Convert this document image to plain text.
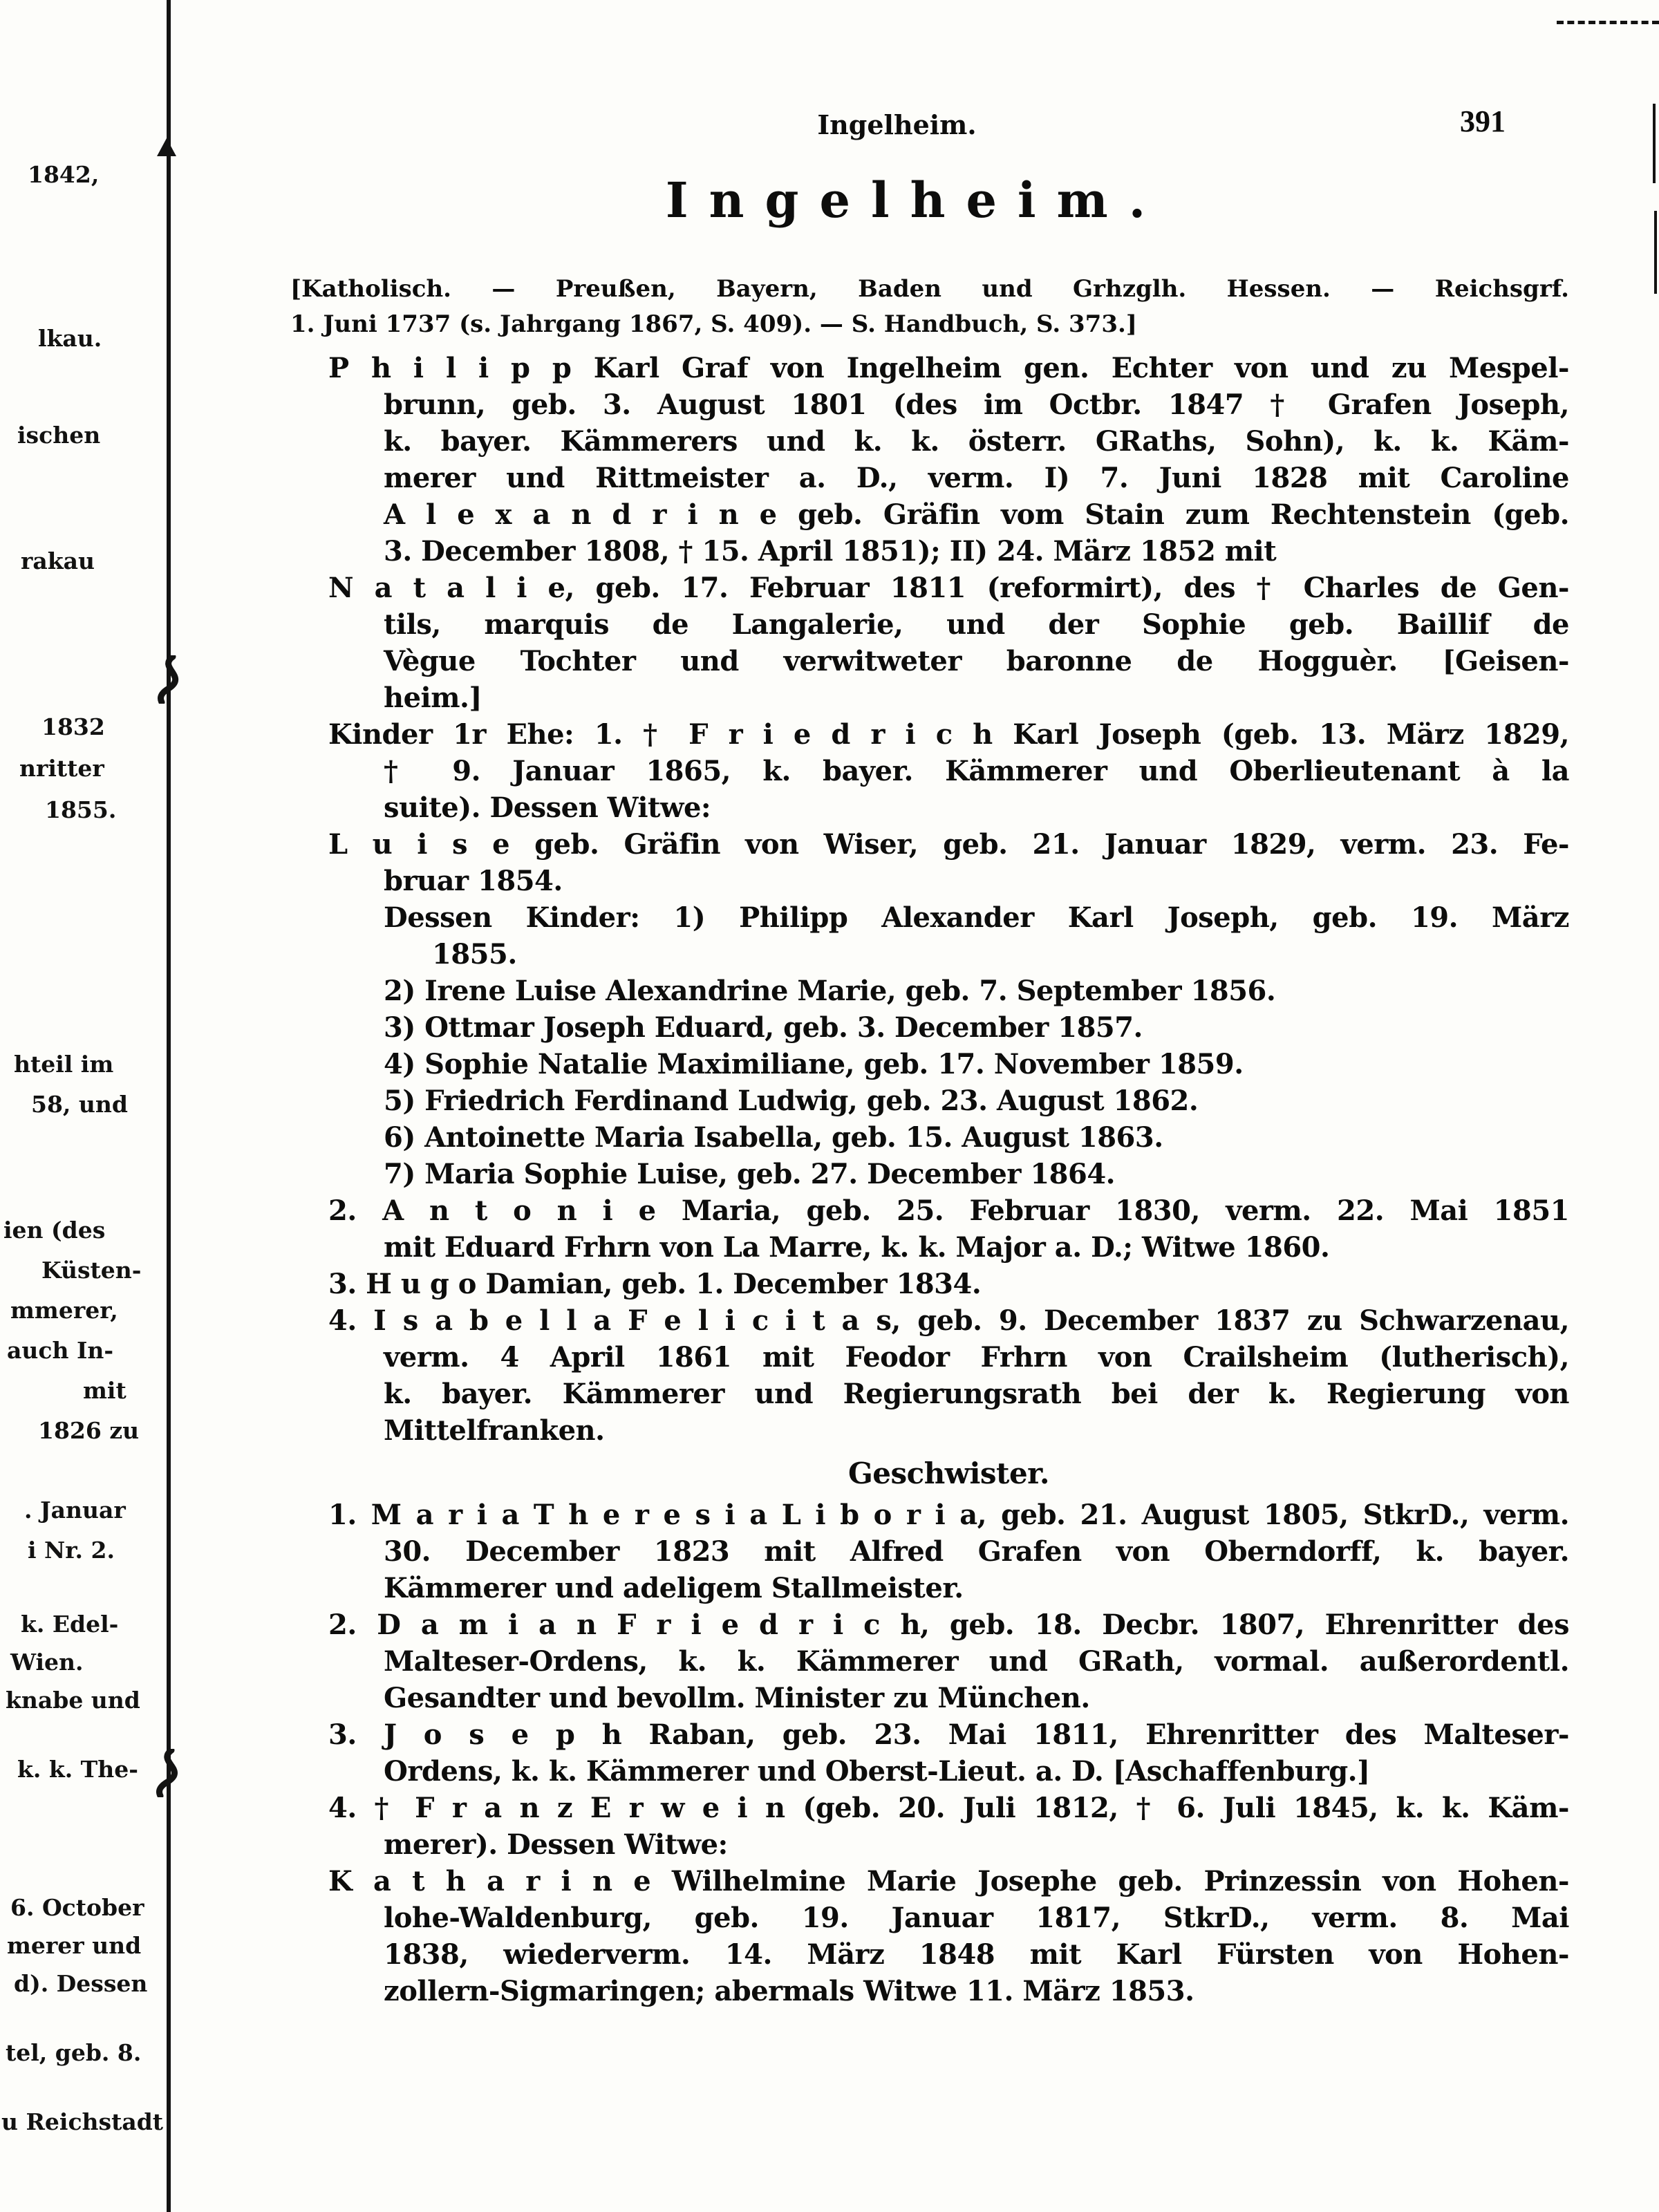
1842,
lkau.
ischen
rakau
1832
nritter
1855.
hteil im
58, und
ien (des
Küsten-
mmerer,
auch In-
mit
1826 zu
. Januar
i Nr. 2.
k. Edel-
Wien.
knabe und
k. k. The-
6. October
merer und
d). Dessen
tel, geb. 8.
u Reichstadt
Ingelheim.	391
Ingelheim.
[Katholisch. — Preußen, Bayern, Baden und Grhzglh. Hessen. — Reichsgrf.
1. Juni 1737 (s. Jahrgang 1867, S. 409). — S. Handbuch, S. 373.]
P h i l i p p Karl Graf von Ingelheim gen. Echter von und zu Mespel-
brunn, geb. 3. August 1801 (des im Octbr. 1847 † Grafen Joseph,
k. bayer. Kämmerers und k. k. österr. GRaths, Sohn), k. k. Käm-
merer und Rittmeister a. D., verm. I) 7. Juni 1828 mit Caroline
A l e x a n d r i n e geb. Gräfin vom Stain zum Rechtenstein (geb.
3. December 1808, † 15. April 1851); II) 24. März 1852 mit
N a t a l i e, geb. 17. Februar 1811 (reformirt), des † Charles de Gen-
tils, marquis de Langalerie, und der Sophie geb. Baillif de
Vègue Tochter und verwitweter baronne de Hogguèr. [Geisen-
heim.]
Kinder 1r Ehe: 1. † F r i e d r i c h Karl Joseph (geb. 13. März 1829,
† 9. Januar 1865, k. bayer. Kämmerer und Oberlieutenant à la
suite). Dessen Witwe:
L u i s e geb. Gräfin von Wiser, geb. 21. Januar 1829, verm. 23. Fe-
bruar 1854.
Dessen Kinder: 1) Philipp Alexander Karl Joseph, geb. 19. März
1855.
2) Irene Luise Alexandrine Marie, geb. 7. September 1856.
3) Ottmar Joseph Eduard, geb. 3. December 1857.
4) Sophie Natalie Maximiliane, geb. 17. November 1859.
5) Friedrich Ferdinand Ludwig, geb. 23. August 1862.
6) Antoinette Maria Isabella, geb. 15. August 1863.
7) Maria Sophie Luise, geb. 27. December 1864.
2. A n t o n i e Maria, geb. 25. Februar 1830, verm. 22. Mai 1851
mit Eduard Frhrn von La Marre, k. k. Major a. D.; Witwe 1860.
3. H u g o Damian, geb. 1. December 1834.
4. I s a b e l l a F e l i c i t a s, geb. 9. December 1837 zu Schwarzenau,
verm. 4 April 1861 mit Feodor Frhrn von Crailsheim (lutherisch),
k. bayer. Kämmerer und Regierungsrath bei der k. Regierung von
Mittelfranken.
Geschwister.
1. M a r i a T h e r e s i a L i b o r i a, geb. 21. August 1805, StkrD., verm.
30. December 1823 mit Alfred Grafen von Oberndorff, k. bayer.
Kämmerer und adeligem Stallmeister.
2. D a m i a n F r i e d r i c h, geb. 18. Decbr. 1807, Ehrenritter des
Malteser-Ordens, k. k. Kämmerer und GRath, vormal. außerordentl.
Gesandter und bevollm. Minister zu München.
3. J o s e p h Raban, geb. 23. Mai 1811, Ehrenritter des Malteser-
Ordens, k. k. Kämmerer und Oberst-Lieut. a. D. [Aschaffenburg.]
4. † F r a n z E r w e i n (geb. 20. Juli 1812, † 6. Juli 1845, k. k. Käm-
merer). Dessen Witwe:
K a t h a r i n e Wilhelmine Marie Josephe geb. Prinzessin von Hohen-
lohe-Waldenburg, geb. 19. Januar 1817, StkrD., verm. 8. Mai
1838, wiederverm. 14. März 1848 mit Karl Fürsten von Hohen-
zollern-Sigmaringen; abermals Witwe 11. März 1853.
